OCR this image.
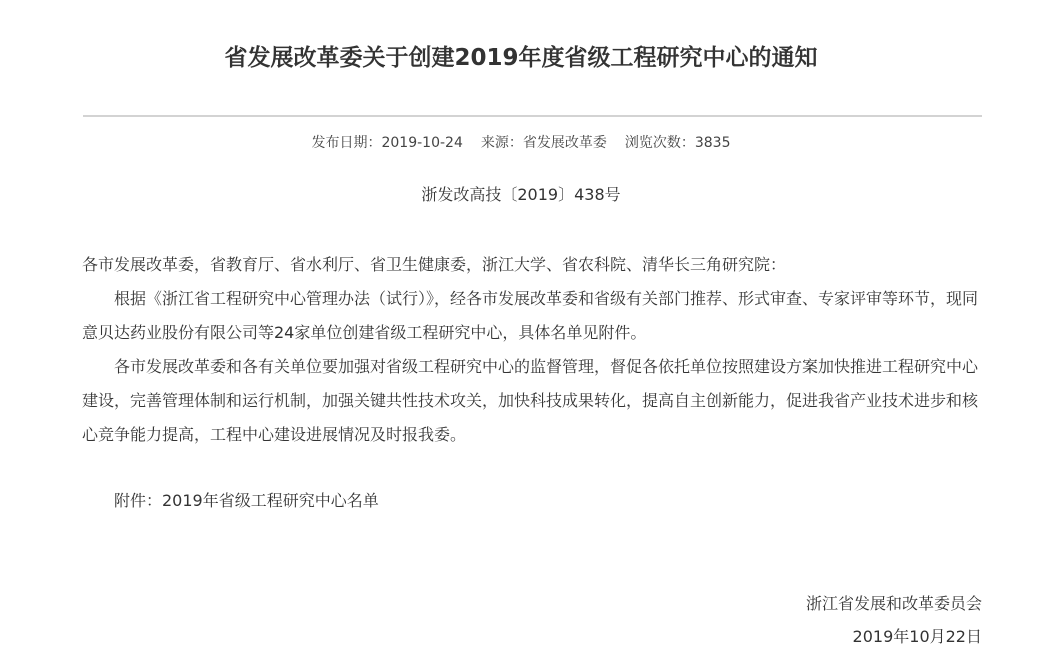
省发展改革委关于创建2019年度省级工程研究中心的通知
发布日期：2019-10-24 来源：省发展改革委 浏览次数：3835
浙发改高技〔2019〕438号
各市发展改革委，省教育厅、省水利厅、省卫生健康委，浙江大学、省农科院、清华长三角研究院：
根据《浙江省工程研究中心管理办法（试行）》，经各市发展改革委和省级有关部门推荐、形式审查、专家评审等环节，现同意贝达药业股份有限公司等24家单位创建省级工程研究中心，具体名单见附件。
各市发展改革委和各有关单位要加强对省级工程研究中心的监督管理，督促各依托单位按照建设方案加快推进工程研究中心建设，完善管理体制和运行机制，加强关键共性技术攻关，加快科技成果转化，提高自主创新能力，促进我省产业技术进步和核心竞争能力提高，工程中心建设进展情况及时报我委。
附件：2019年省级工程研究中心名单
浙江省发展和改革委员会
2019年10月22日
